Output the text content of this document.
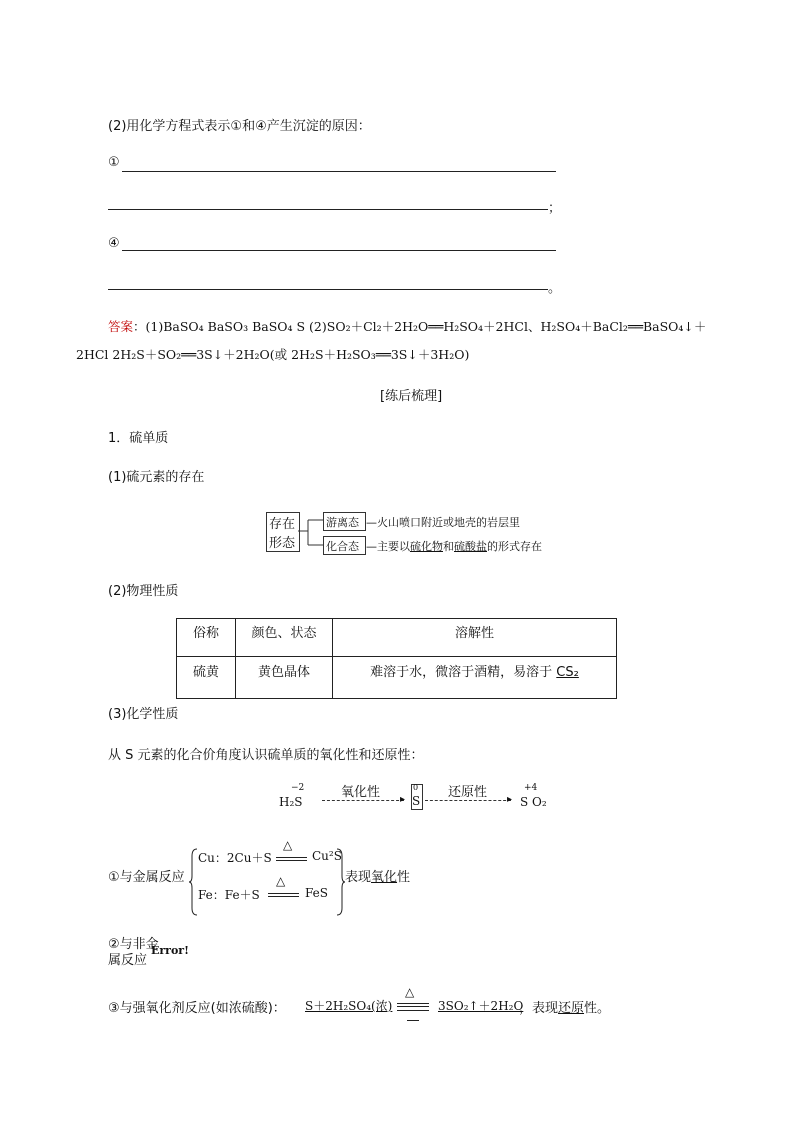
(2)用化学方程式表示①和④产生沉淀的原因：
①
；
④
。
答案：(1)BaSO₄ BaSO₃ BaSO₄ S (2)SO₂＋Cl₂＋2H₂O══H₂SO₄＋2HCl、H₂SO₄＋BaCl₂══BaSO₄↓＋
2HCl 2H₂S＋SO₂══3S↓＋2H₂O(或 2H₂S＋H₂SO₃══3S↓＋3H₂O)
[练后梳理]
1．硫单质
(1)硫元素的存在
存在
形态
游离态 —火山喷口附近或地壳的岩层里
化合态 —主要以硫化物和硫酸盐的形式存在
(2)物理性质
俗称	颜色、状态	溶解性
硫黄	黄色晶体	难溶于水，微溶于酒精，易溶于 CS₂
(3)化学性质
从 S 元素的化合价角度认识硫单质的氧化性和还原性：
−2
H₂S
氧化性 ▸
0
S
还原性 ▸
+4
S O₂
①与金属反应
Cu：2Cu＋S
△
Cu²S
Fe：Fe＋S
△
FeS
表现氧化性
②与非金
属反应
Error!
③与强氧化剂反应(如浓硫酸)： S＋2H₂SO₄(浓)
△
3SO₂↑＋2H₂O
，表现还原性。
